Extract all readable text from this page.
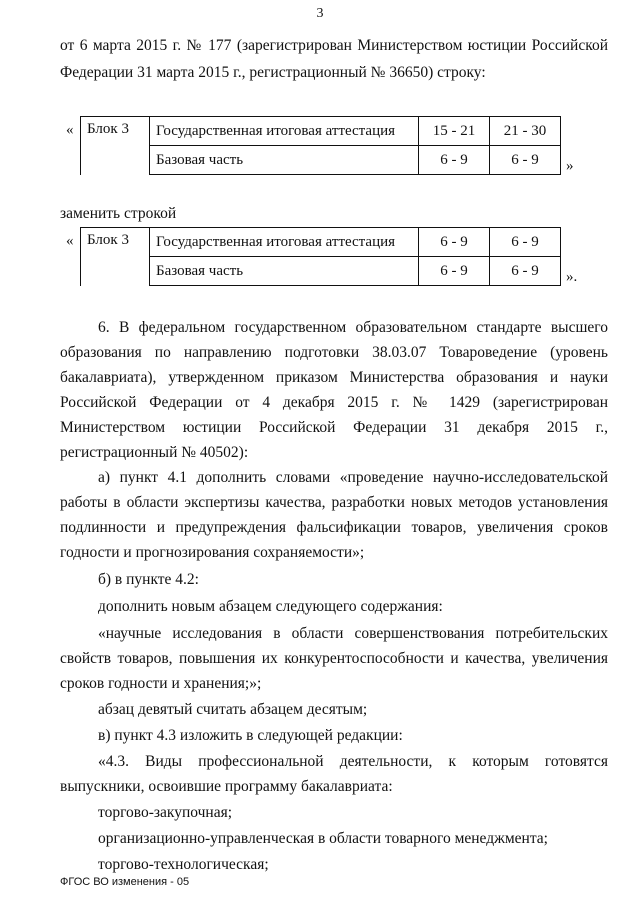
3
от 6 марта 2015 г. № 177 (зарегистрирован Министерством юстиции Российской
Федерации 31 марта 2015 г., регистрационный № 36650) строку:
« Блок 3	Государственная итоговая аттестация	15 - 21	21 - 30
	Базовая часть	6 - 9	6 - 9 »
заменить строкой
« Блок 3	Государственная итоговая аттестация	6 - 9	6 - 9
	Базовая часть	6 - 9	6 - 9 ».
6. В федеральном государственном образовательном стандарте высшего
образования по направлению подготовки 38.03.07 Товароведение (уровень
бакалавриата), утвержденном приказом Министерства образования и науки
Российской Федерации от 4 декабря 2015 г. № 1429 (зарегистрирован
Министерством юстиции Российской Федерации 31 декабря 2015 г.,
регистрационный № 40502):
а) пункт 4.1 дополнить словами «проведение научно-исследовательской
работы в области экспертизы качества, разработки новых методов установления
подлинности и предупреждения фальсификации товаров, увеличения сроков
годности и прогнозирования сохраняемости»;
б) в пункте 4.2:
дополнить новым абзацем следующего содержания:
«научные исследования в области совершенствования потребительских
свойств товаров, повышения их конкурентоспособности и качества, увеличения
сроков годности и хранения;»;
абзац девятый считать абзацем десятым;
в) пункт 4.3 изложить в следующей редакции:
«4.3. Виды профессиональной деятельности, к которым готовятся
выпускники, освоившие программу бакалавриата:
торгово-закупочная;
организационно-управленческая в области товарного менеджмента;
торгово-технологическая;
ФГОС ВО изменения - 05
